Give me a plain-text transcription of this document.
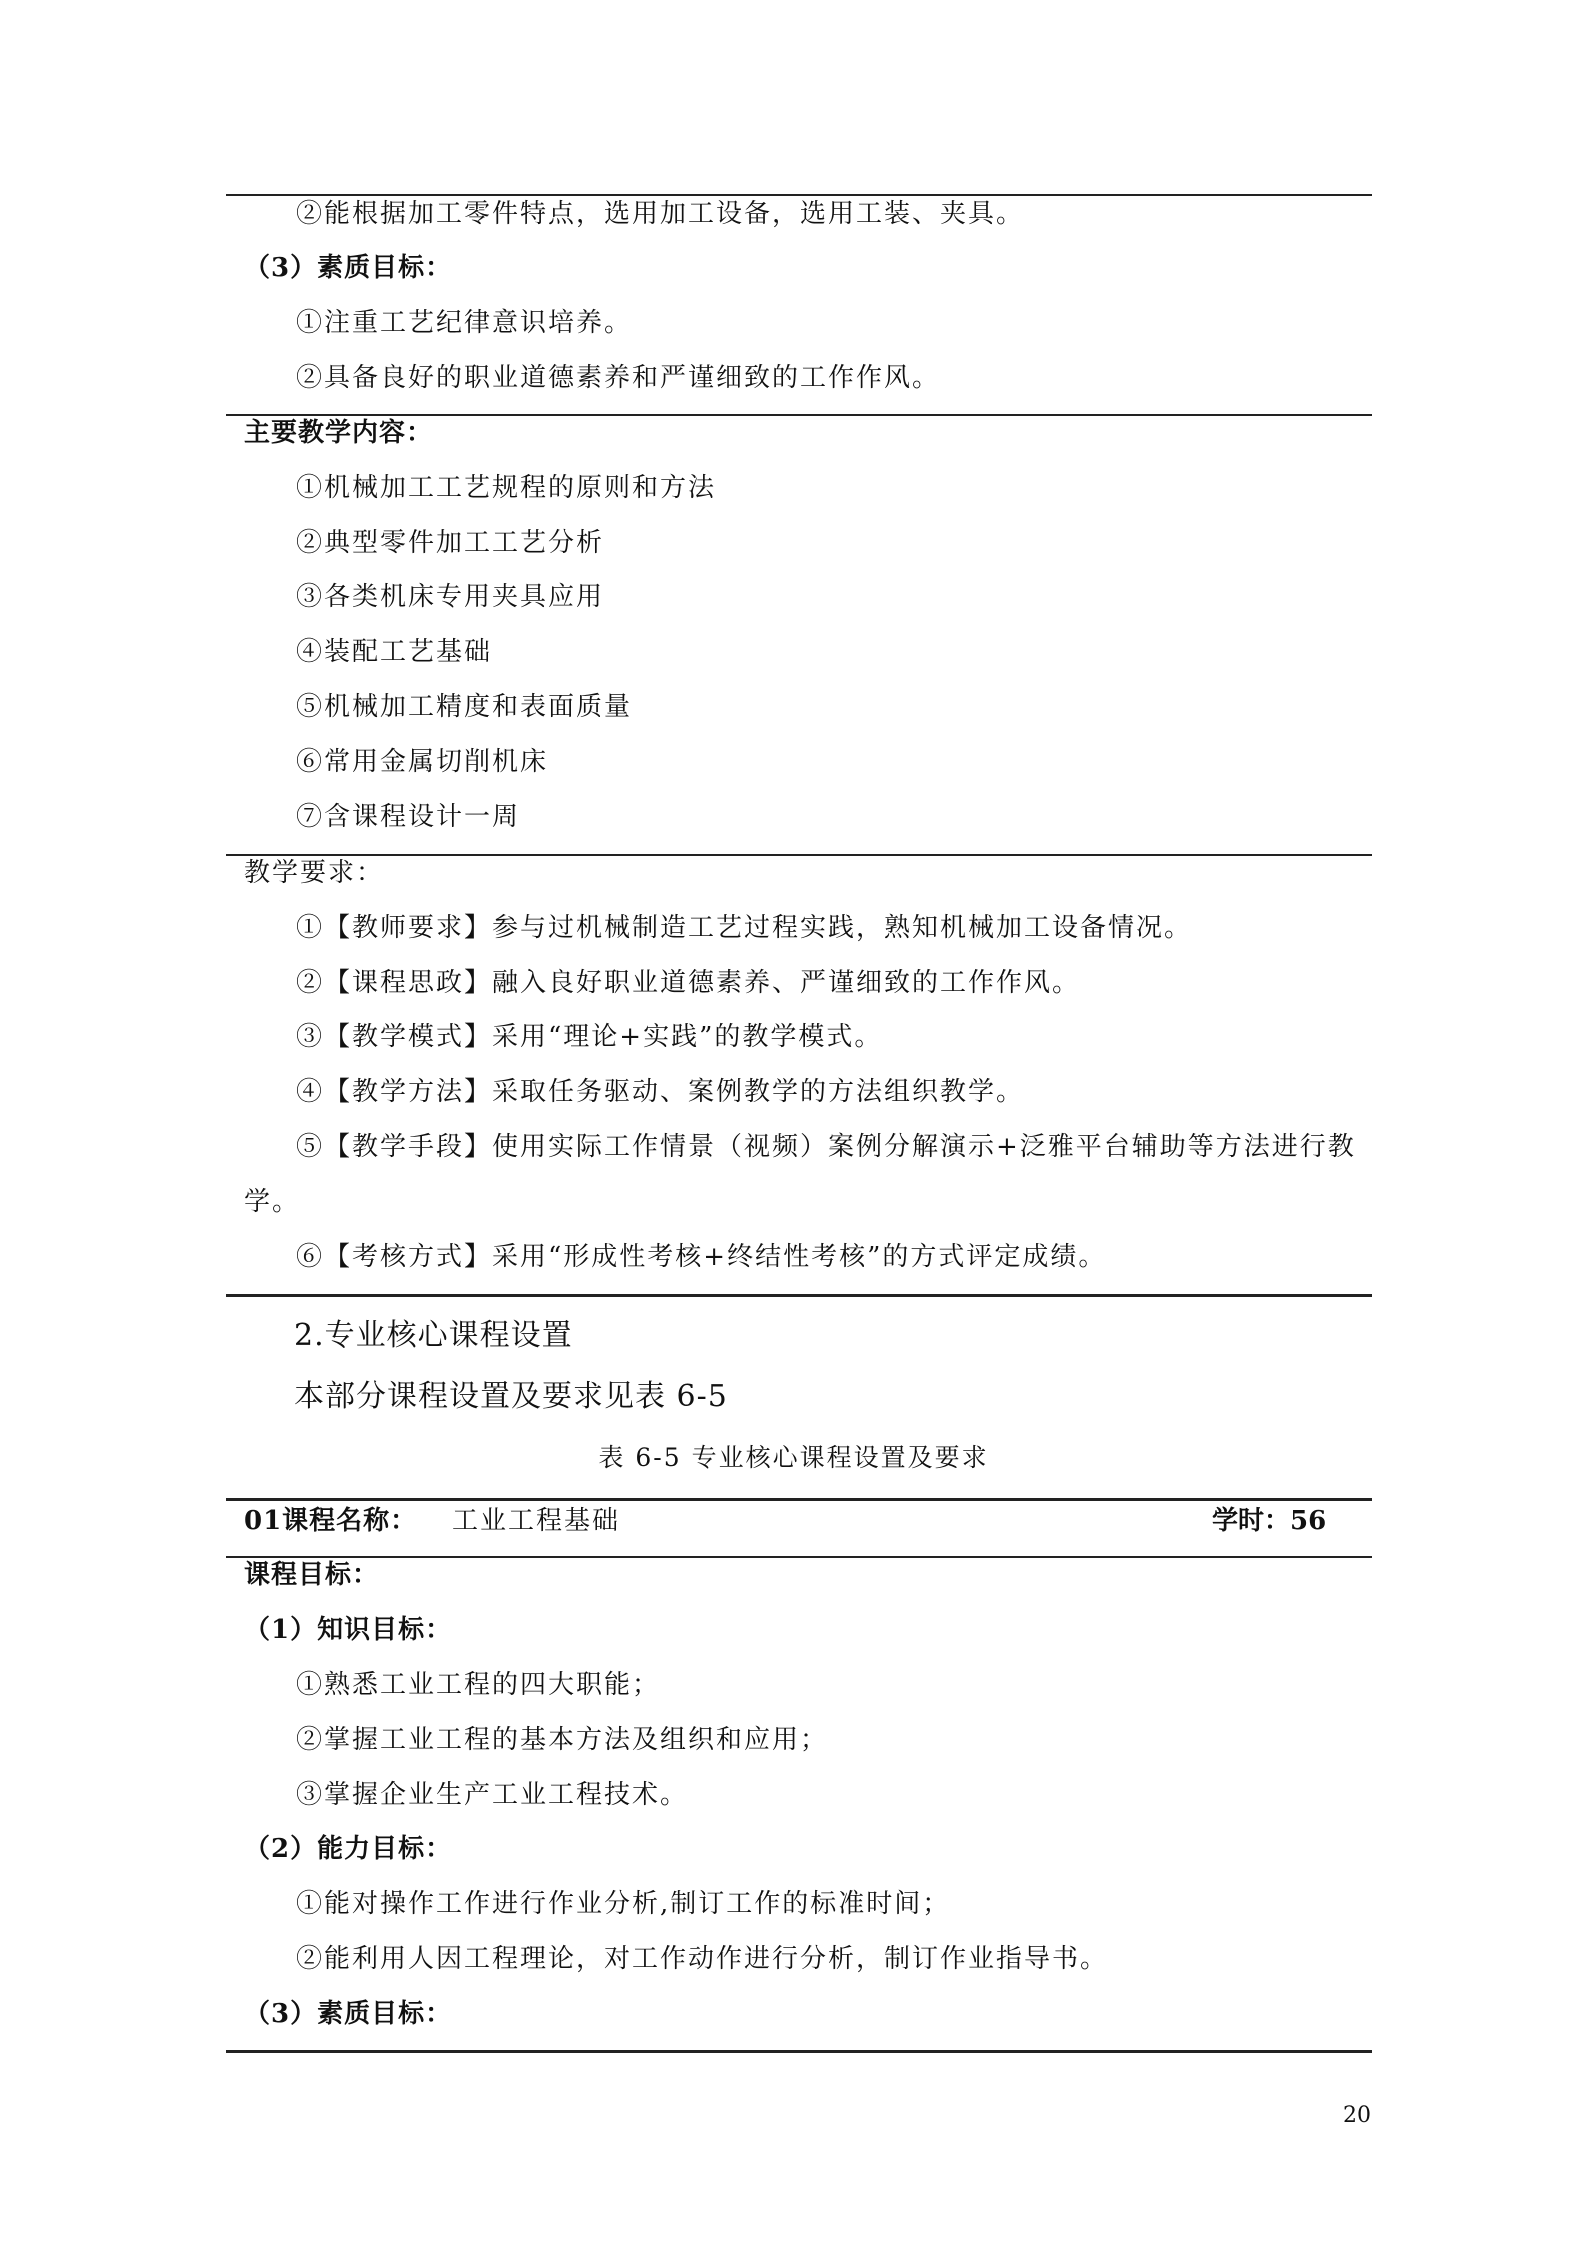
②能根据加工零件特点，选用加工设备，选用工装、夹具。
（3）素质目标：
①注重工艺纪律意识培养。
②具备良好的职业道德素养和严谨细致的工作作风。
主要教学内容：
①机械加工工艺规程的原则和方法
②典型零件加工工艺分析
③各类机床专用夹具应用
④装配工艺基础
⑤机械加工精度和表面质量
⑥常用金属切削机床
⑦含课程设计一周
教学要求：
①【教师要求】参与过机械制造工艺过程实践，熟知机械加工设备情况。
②【课程思政】融入良好职业道德素养、严谨细致的工作作风。
③【教学模式】采用“理论+实践”的教学模式。
④【教学方法】采取任务驱动、案例教学的方法组织教学。
⑤【教学手段】使用实际工作情景（视频）案例分解演示+泛雅平台辅助等方法进行教
学。
⑥【考核方式】采用“形成性考核+终结性考核”的方式评定成绩。
2.专业核心课程设置
本部分课程设置及要求见表 6-5
表 6-5 专业核心课程设置及要求
01课程名称： 工业工程基础	学时：56
课程目标：
（1）知识目标：
①熟悉工业工程的四大职能；
②掌握工业工程的基本方法及组织和应用；
③掌握企业生产工业工程技术。
（2）能力目标：
①能对操作工作进行作业分析,制订工作的标准时间；
②能利用人因工程理论，对工作动作进行分析，制订作业指导书。
（3）素质目标：
20
